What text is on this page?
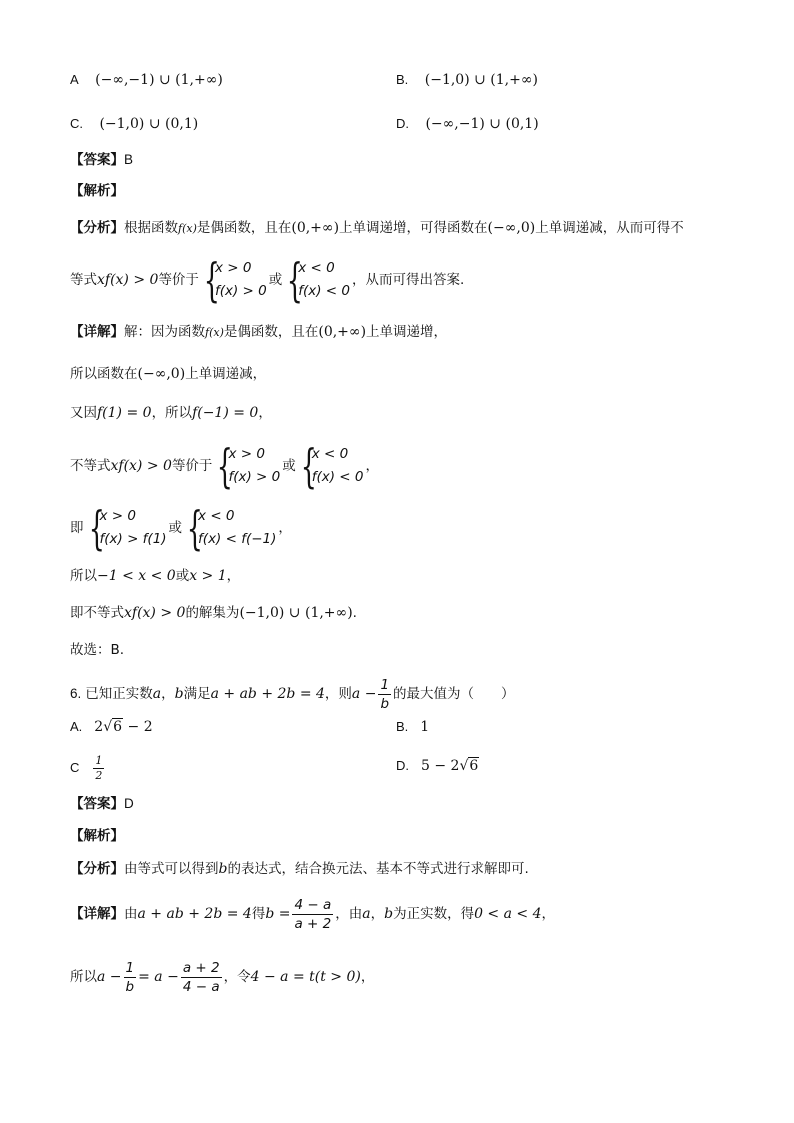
A (−∞,−1) ∪ (1,+∞)	B. (−1,0) ∪ (1,+∞)
C. (−1,0) ∪ (0,1)	D. (−∞,−1) ∪ (0,1)
【答案】B
【解析】
【分析】根据函数f(x)是偶函数，且在(0,+∞)上单调递增，可得函数在(−∞,0)上单调递减，从而可得不
等式xf(x) > 0等价于 {
x > 0
f(x) > 0
或 {
x < 0
f(x) < 0
，从而可得出答案.
【详解】解：因为函数f(x)是偶函数，且在(0,+∞)上单调递增，
所以函数在(−∞,0)上单调递减，
又因f(1) = 0，所以f(−1) = 0，
不等式xf(x) > 0等价于 {
x > 0
f(x) > 0
或 {
x < 0
f(x) < 0
，
即 {
x > 0
f(x) > f(1)
或 {
x < 0
f(x) < f(−1)
，
所以−1 < x < 0或x > 1，
即不等式xf(x) > 0的解集为(−1,0) ∪ (1,+∞).
故选：B.
6. 已知正实数a，b满足a + ab + 2b = 4，则$a - \frac{1}{b}$ 的最大值为（　　）
A. 2√6 − 2	B. 1
C $\frac{1}{2}$	D. 5 − 2√6
【答案】D
【解析】
【分析】由等式可以得到b的表达式，结合换元法、基本不等式进行求解即可.
【详解】由a + ab + 2b = 4得$b = \frac{4 - a}{a + 2}$ ，由a，b为正实数，得0 < a < 4，
所以$a - \frac{1}{b} = a - \frac{a + 2}{4 - a}$ ，令4 − a = t(t > 0)，
